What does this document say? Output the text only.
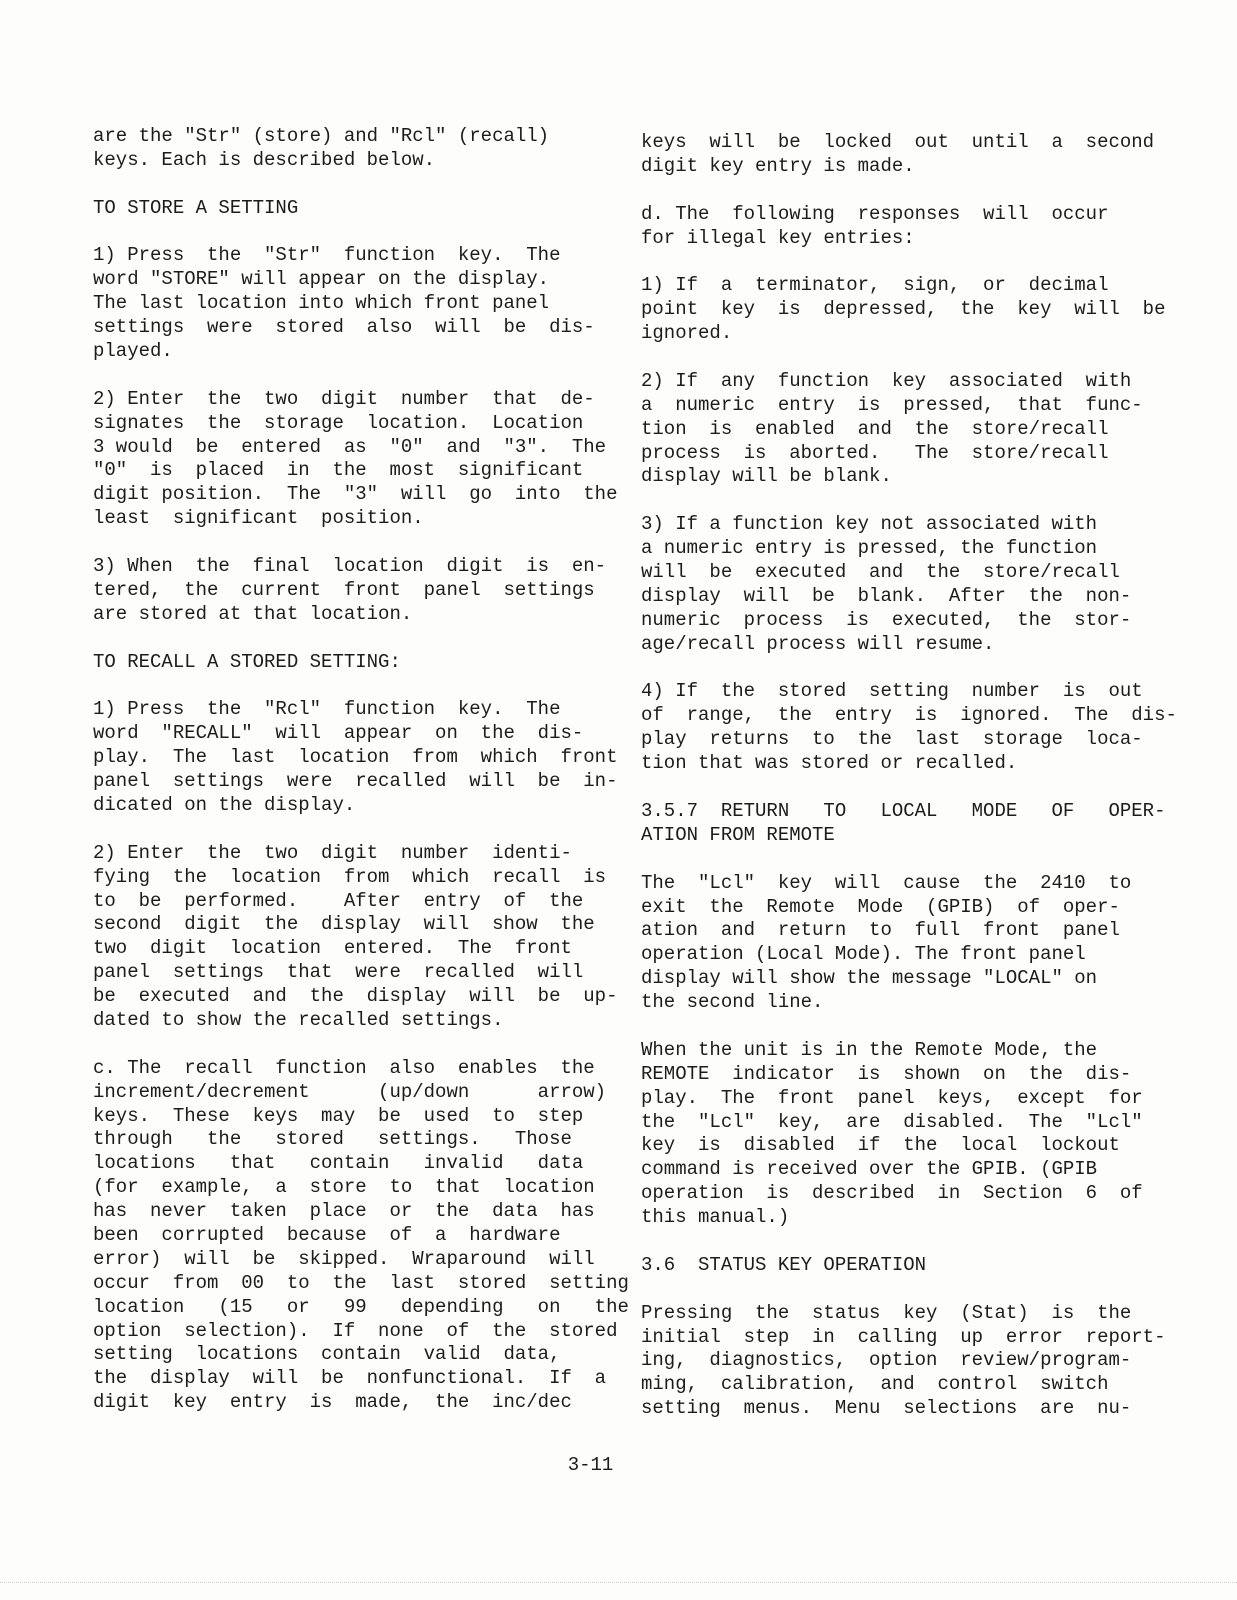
are the "Str" (store) and "Rcl" (recall)
keys. Each is described below.
TO STORE A SETTING
1) Press  the  "Str"  function  key.  The
word "STORE" will appear on the display.
The last location into which front panel
settings  were  stored  also  will  be  dis-
played.
2) Enter  the  two  digit  number  that  de-
signates  the  storage  location.  Location
3 would  be  entered  as  "0"  and  "3".  The
"0"  is  placed  in  the  most  significant
digit position.  The  "3"  will  go  into  the
least  significant  position.
3) When  the  final  location  digit  is  en-
tered,  the  current  front  panel  settings
are stored at that location.
TO RECALL A STORED SETTING:
1) Press  the  "Rcl"  function  key.  The
word  "RECALL"  will  appear  on  the  dis-
play.  The  last  location  from  which  front
panel  settings  were  recalled  will  be  in-
dicated on the display.
2) Enter  the  two  digit  number  identi-
fying  the  location  from  which  recall  is
to  be  performed.    After  entry  of  the
second  digit  the  display  will  show  the
two  digit  location  entered.  The  front
panel  settings  that  were  recalled  will
be  executed  and  the  display  will  be  up-
dated to show the recalled settings.
c. The  recall  function  also  enables  the
increment/decrement      (up/down      arrow)
keys.  These  keys  may  be  used  to  step
through   the   stored   settings.   Those
locations   that   contain   invalid   data
(for  example,  a  store  to  that  location
has  never  taken  place  or  the  data  has
been  corrupted  because  of  a  hardware
error)  will  be  skipped.  Wraparound  will
occur  from  00  to  the  last  stored  setting
location   (15   or   99   depending   on   the
option  selection).  If  none  of  the  stored
setting  locations  contain  valid  data,
the  display  will  be  nonfunctional.  If  a
digit  key  entry  is  made,  the  inc/dec
keys  will  be  locked  out  until  a  second
digit key entry is made.
d. The  following  responses  will  occur
for illegal key entries:
1) If  a  terminator,  sign,  or  decimal
point  key  is  depressed,  the  key  will  be
ignored.
2) If  any  function  key  associated  with
a  numeric  entry  is  pressed,  that  func-
tion  is  enabled  and  the  store/recall
process  is  aborted.   The  store/recall
display will be blank.
3) If a function key not associated with
a numeric entry is pressed, the function
will  be  executed  and  the  store/recall
display  will  be  blank.  After  the  non-
numeric  process  is  executed,  the  stor-
age/recall process will resume.
4) If  the  stored  setting  number  is  out
of  range,  the  entry  is  ignored.  The  dis-
play  returns  to  the  last  storage  loca-
tion that was stored or recalled.
3.5.7  RETURN   TO   LOCAL   MODE   OF   OPER-
ATION FROM REMOTE
The  "Lcl"  key  will  cause  the  2410  to
exit  the  Remote  Mode  (GPIB)  of  oper-
ation  and  return  to  full  front  panel
operation (Local Mode). The front panel
display will show the message "LOCAL" on
the second line.
When the unit is in the Remote Mode, the
REMOTE  indicator  is  shown  on  the  dis-
play.  The  front  panel  keys,  except  for
the  "Lcl"  key,  are  disabled.  The  "Lcl"
key  is  disabled  if  the  local  lockout
command is received over the GPIB. (GPIB
operation  is  described  in  Section  6  of
this manual.)
3.6  STATUS KEY OPERATION
Pressing  the  status  key  (Stat)  is  the
initial  step  in  calling  up  error  report-
ing,  diagnostics,  option  review/program-
ming,  calibration,  and  control  switch
setting  menus.  Menu  selections  are  nu-
3-11
